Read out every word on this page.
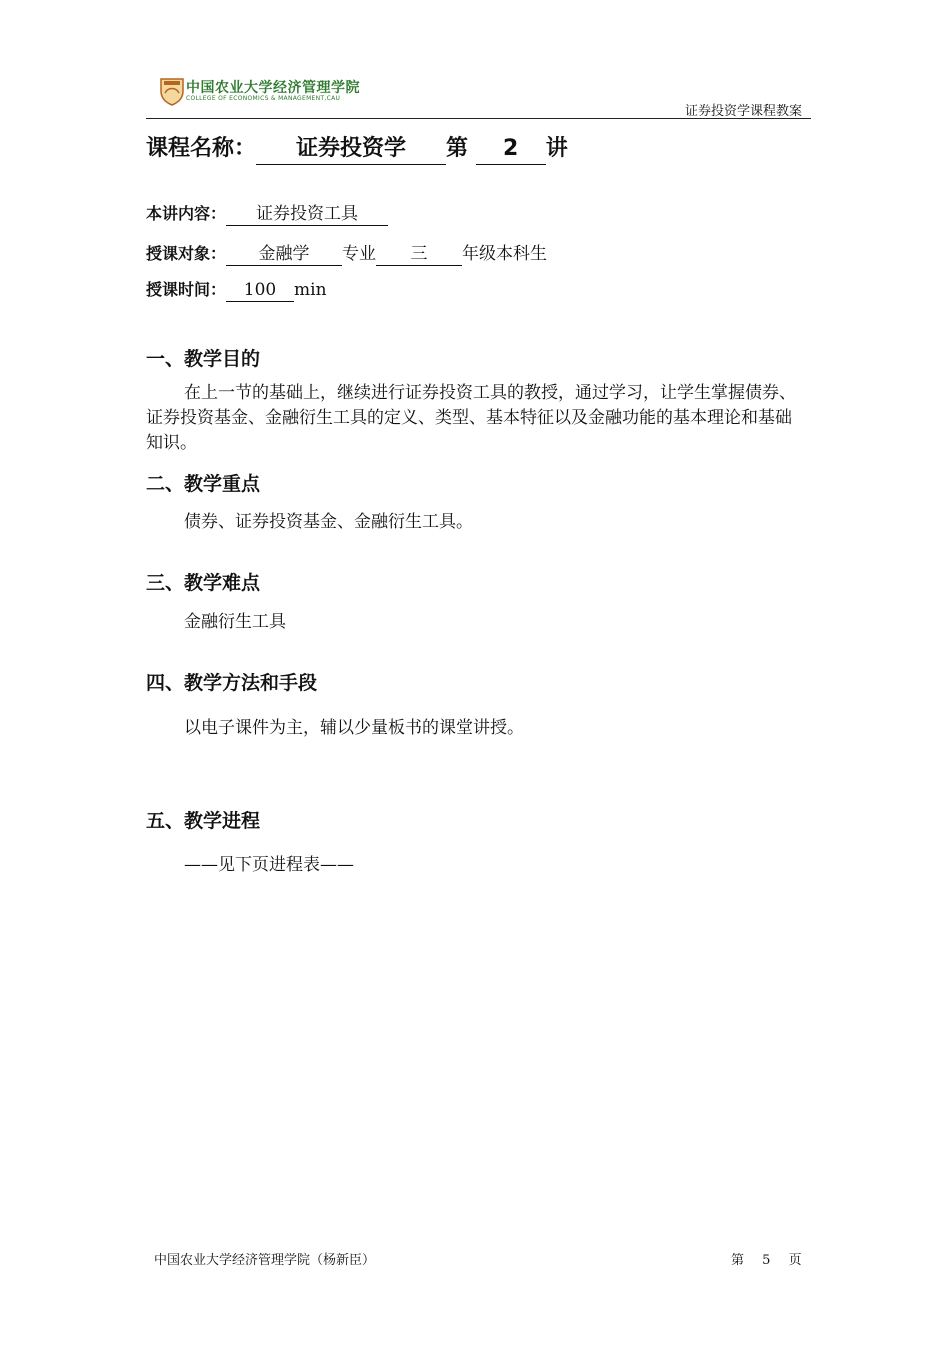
中国农业大学经济管理学院
COLLEGE OF ECONOMICS & MANAGEMENT,CAU
证券投资学课程教案
课程名称： 证券投资学 第 2 讲
本讲内容： 证券投资工具
授课对象： 金融学 专业 三 年级本科生
授课时间： 100 min
一、教学目的
在上一节的基础上，继续进行证券投资工具的教授，通过学习，让学生掌握债券、证券投资基金、金融衍生工具的定义、类型、基本特征以及金融功能的基本理论和基础知识。
二、教学重点
债券、证券投资基金、金融衍生工具。
三、教学难点
金融衍生工具
四、教学方法和手段
以电子课件为主，辅以少量板书的课堂讲授。
五、教学进程
——见下页进程表——
中国农业大学经济管理学院（杨新臣）	第 5 页
